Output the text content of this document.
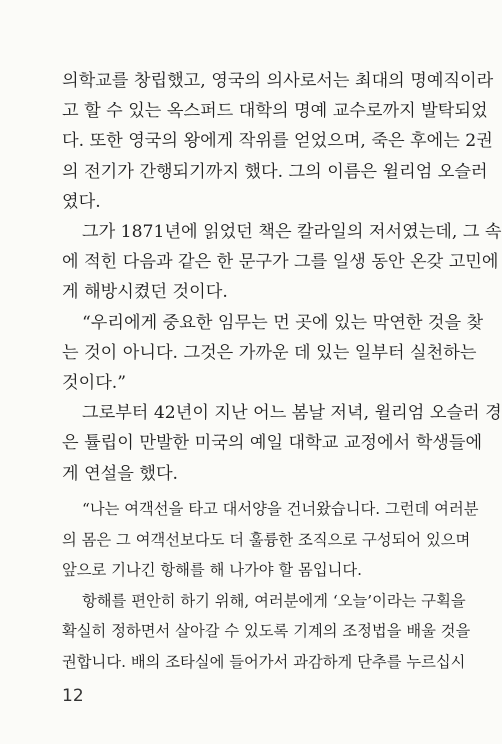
의학교를 창립했고, 영국의 의사로서는 최대의 명예직이라
고 할 수 있는 옥스퍼드 대학의 명예 교수로까지 발탁되었
다. 또한 영국의 왕에게 작위를 얻었으며, 죽은 후에는 2권
의 전기가 간행되기까지 했다. 그의 이름은 윌리엄 오슬러
였다.
그가 1871년에 읽었던 책은 칼라일의 저서였는데, 그 속
에 적힌 다음과 같은 한 문구가 그를 일생 동안 온갖 고민에
게 해방시켰던 것이다.
“우리에게 중요한 임무는 먼 곳에 있는 막연한 것을 찾
는 것이 아니다. 그것은 가까운 데 있는 일부터 실천하는
것이다.”
그로부터 42년이 지난 어느 봄날 저녁, 윌리엄 오슬러 경
은 튤립이 만발한 미국의 예일 대학교 교정에서 학생들에
게 연설을 했다.
“나는 여객선을 타고 대서양을 건너왔습니다. 그런데 여러분
의 몸은 그 여객선보다도 더 훌륭한 조직으로 구성되어 있으며
앞으로 기나긴 항해를 해 나가야 할 몸입니다.
항해를 편안히 하기 위해, 여러분에게 ‘오늘’이라는 구획을
확실히 정하면서 살아갈 수 있도록 기계의 조정법을 배울 것을
권합니다. 배의 조타실에 들어가서 과감하게 단추를 누르십시
12
